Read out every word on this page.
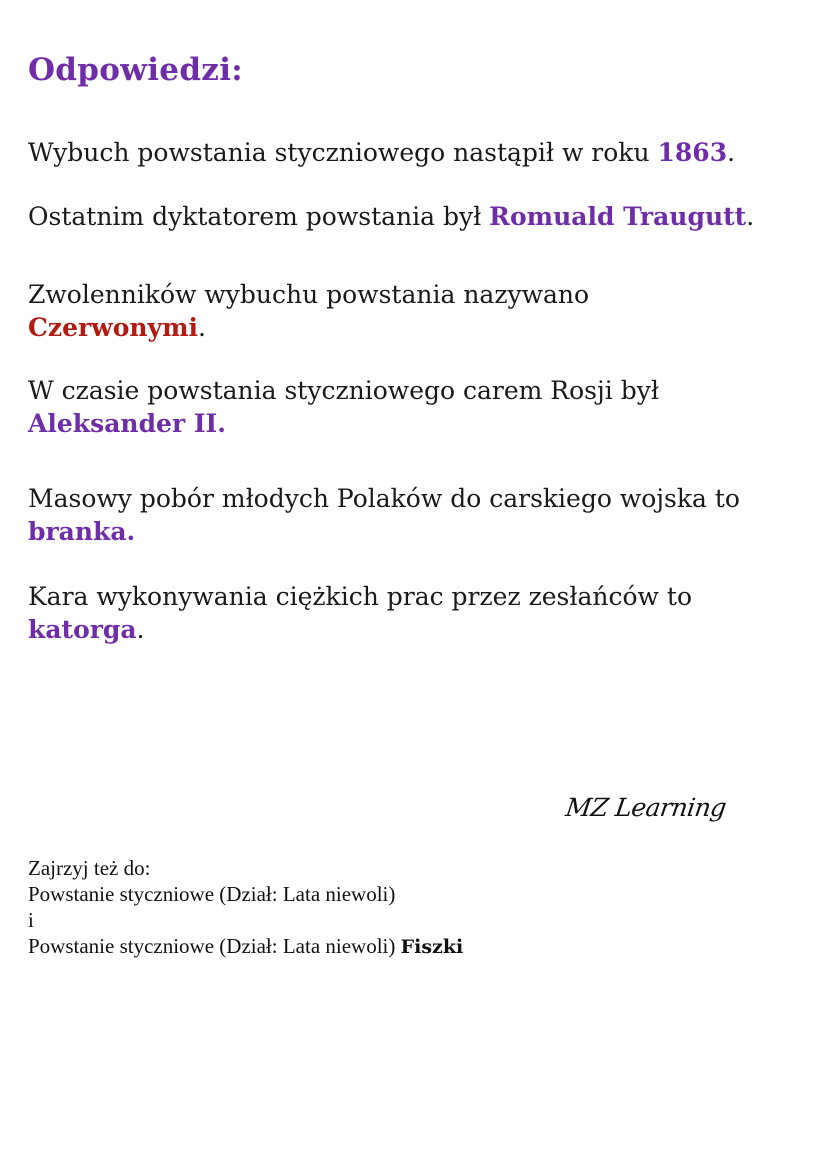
Odpowiedzi:

Wybuch powstania styczniowego nastąpił w roku 1863.

Ostatnim dyktatorem powstania był Romuald Traugutt.

Zwolenników wybuchu powstania nazywano
Czerwonymi.

W czasie powstania styczniowego carem Rosji był
Aleksander II.

Masowy pobór młodych Polaków do carskiego wojska to
branka.

Kara wykonywania ciężkich prac przez zesłańców to
katorga.

MZ Learning
Zajrzyj też do:
Powstanie styczniowe (Dział: Lata niewoli)
i
Powstanie styczniowe (Dział: Lata niewoli) Fiszki
